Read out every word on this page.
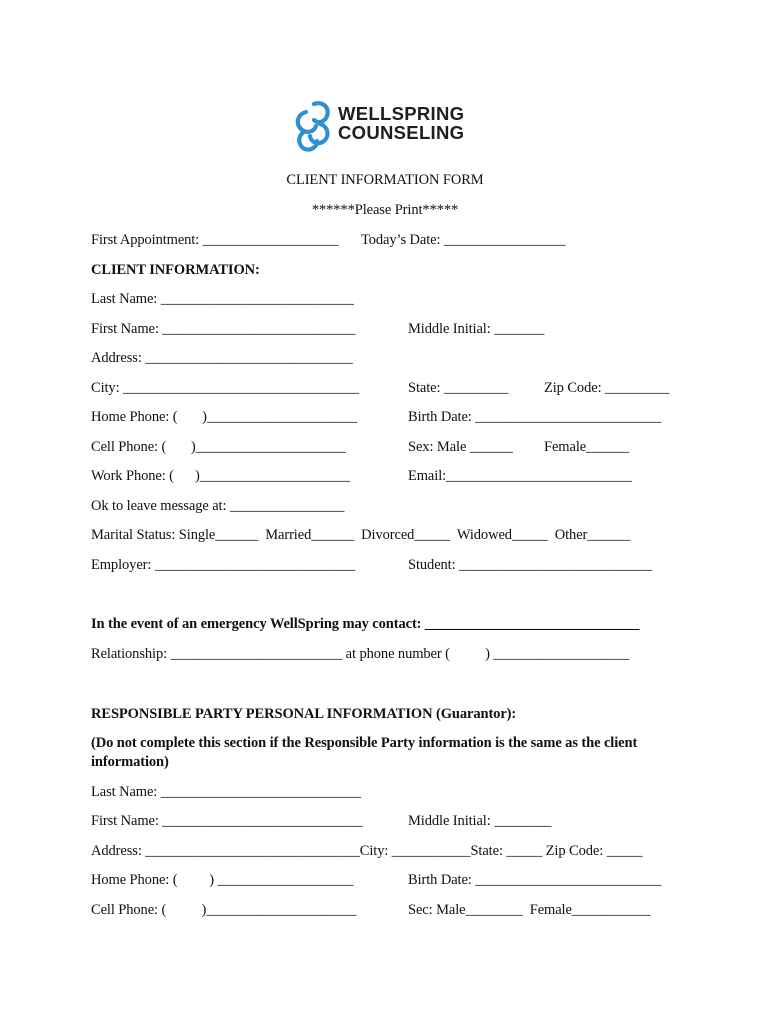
WELLSPRING
COUNSELING
CLIENT INFORMATION FORM
******Please Print*****
First Appointment: ___________________ Today’s Date: _________________
CLIENT INFORMATION:
Last Name: ___________________________
First Name: ___________________________	Middle Initial: _______
Address: _____________________________
City: _________________________________	State: _________ Zip Code: _________
Home Phone: (       )_____________________	Birth Date: __________________________
Cell Phone: (       )_____________________	Sex: Male ______ Female______
Work Phone: (      )_____________________	Email:__________________________
Ok to leave message at: ________________
Marital Status: Single______  Married______  Divorced_____  Widowed_____  Other______
Employer: ____________________________	Student: ___________________________
In the event of an emergency WellSpring may contact: ______________________________
Relationship: ________________________ at phone number (          ) ___________________
RESPONSIBLE PARTY PERSONAL INFORMATION (Guarantor):
(Do not complete this section if the Responsible Party information is the same as the client
information)
Last Name: ____________________________
First Name: ____________________________	Middle Initial: ________
Address: ______________________________City: ___________State: _____ Zip Code: _____
Home Phone: (         ) ___________________	Birth Date: __________________________
Cell Phone: (          )_____________________	Sec: Male________  Female___________
